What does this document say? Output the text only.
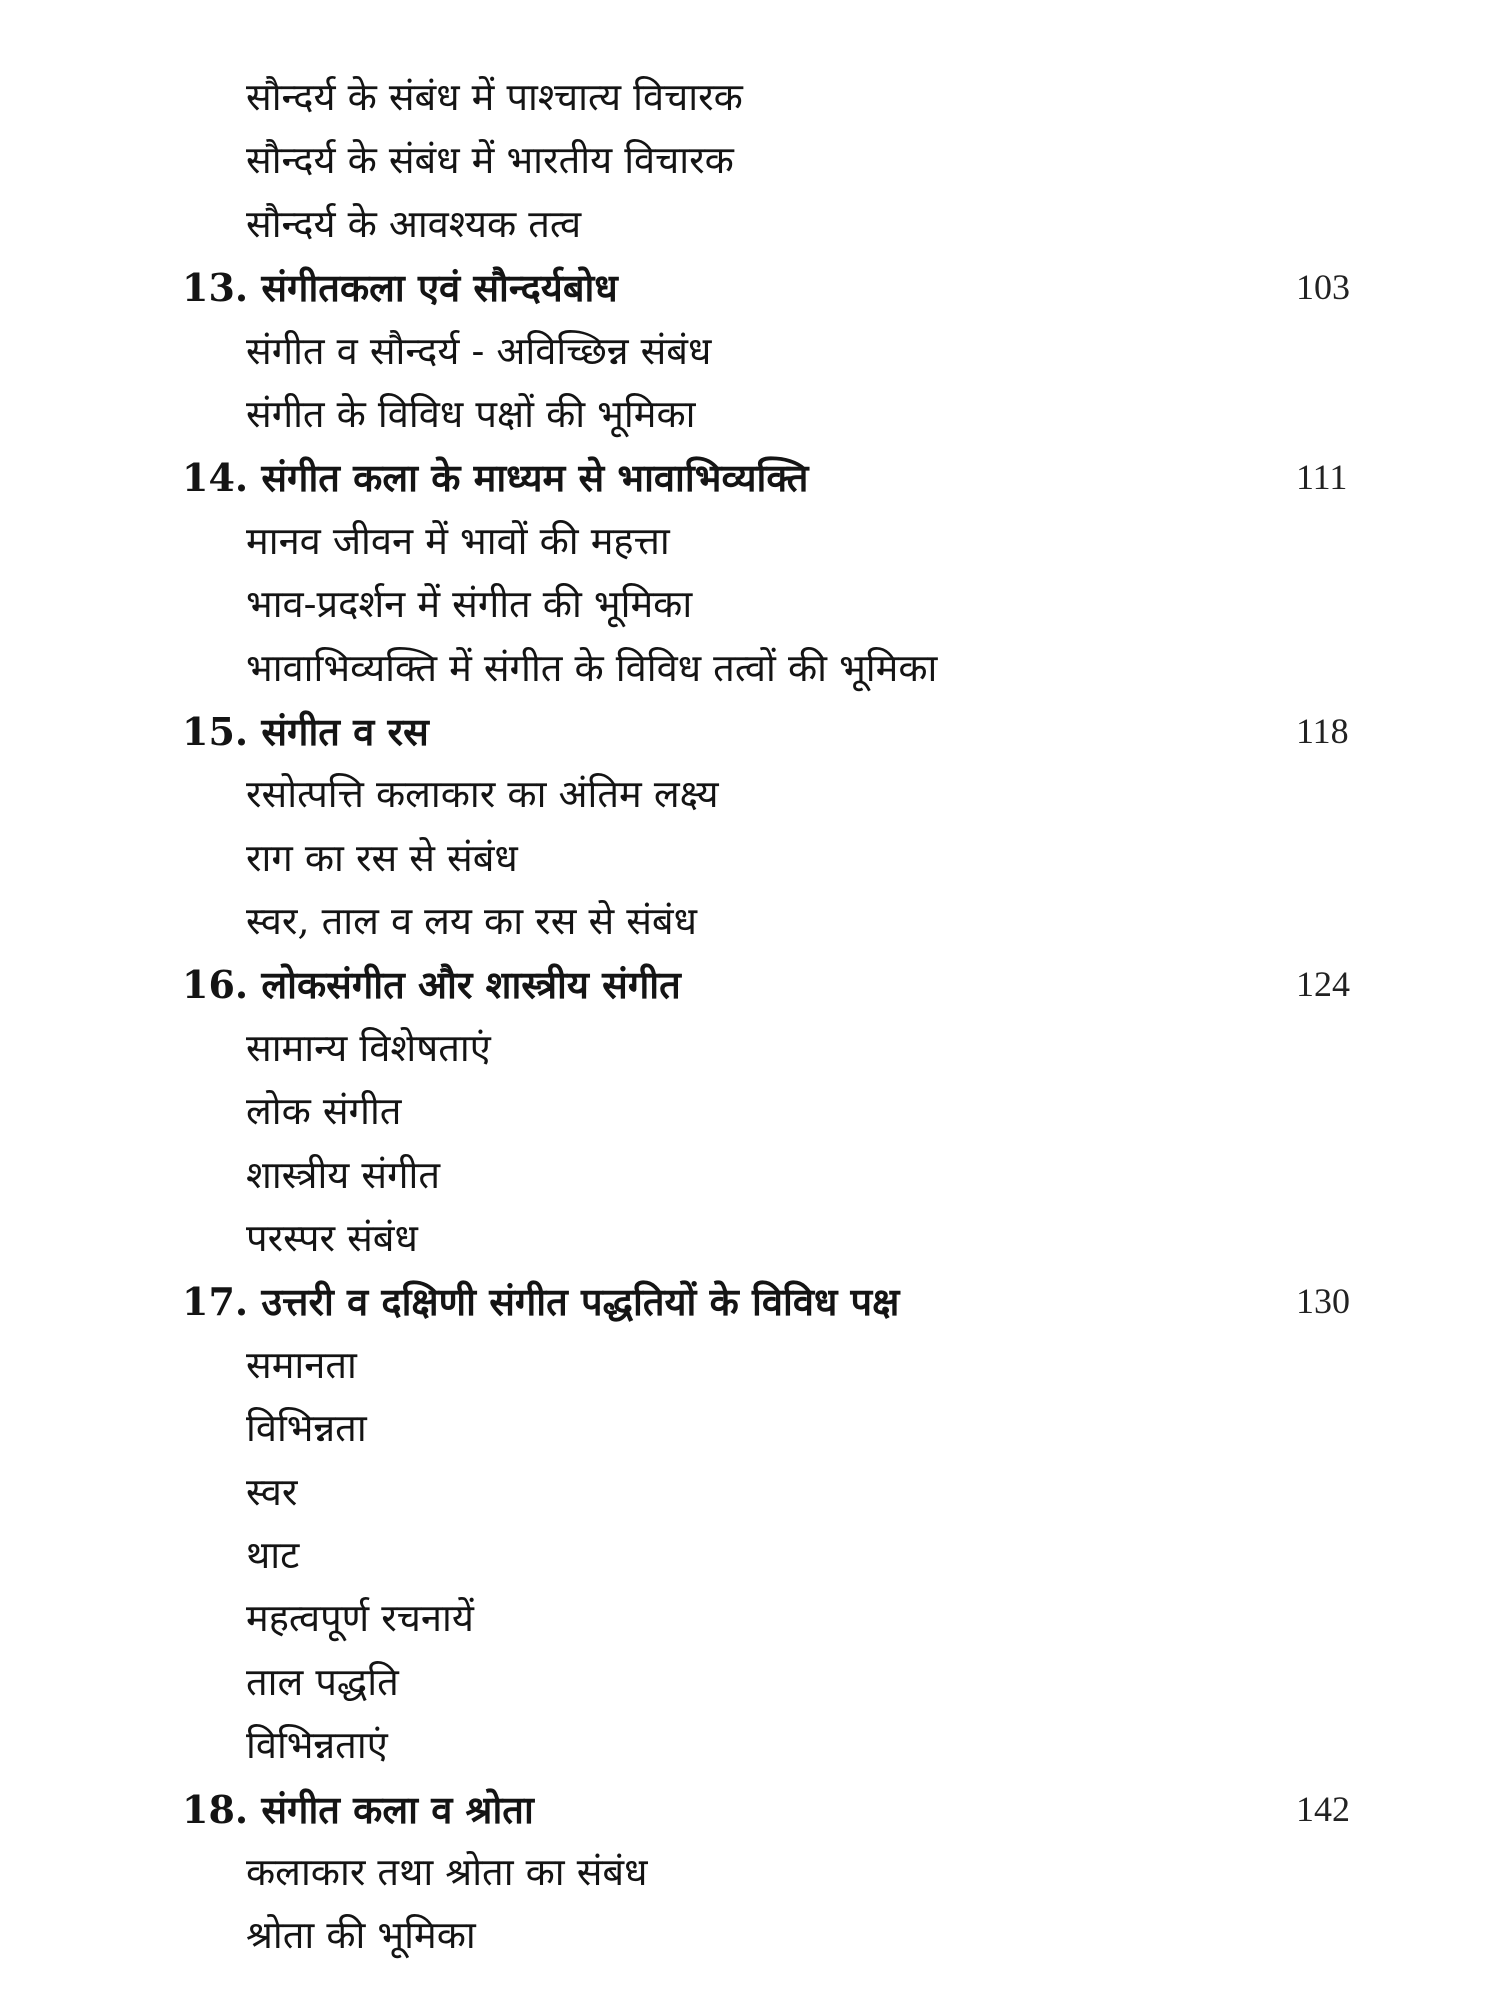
सौन्दर्य के संबंध में पाश्चात्य विचारक
सौन्दर्य के संबंध में भारतीय विचारक
सौन्दर्य के आवश्यक तत्व
13. संगीतकला एवं सौन्दर्यबोध	103
संगीत व सौन्दर्य - अविच्छिन्न संबंध
संगीत के विविध पक्षों की भूमिका
14. संगीत कला के माध्यम से भावाभिव्यक्ति	111
मानव जीवन में भावों की महत्ता
भाव-प्रदर्शन में संगीत की भूमिका
भावाभिव्यक्ति में संगीत के विविध तत्वों की भूमिका
15. संगीत व रस	118
रसोत्पत्ति कलाकार का अंतिम लक्ष्य
राग का रस से संबंध
स्वर, ताल व लय का रस से संबंध
16. लोकसंगीत और शास्त्रीय संगीत	124
सामान्य विशेषताएं
लोक संगीत
शास्त्रीय संगीत
परस्पर संबंध
17. उत्तरी व दक्षिणी संगीत पद्धतियों के विविध पक्ष	130
समानता
विभिन्नता
स्वर
थाट
महत्वपूर्ण रचनायें
ताल पद्धति
विभिन्नताएं
18. संगीत कला व श्रोता	142
कलाकार तथा श्रोता का संबंध
श्रोता की भूमिका
